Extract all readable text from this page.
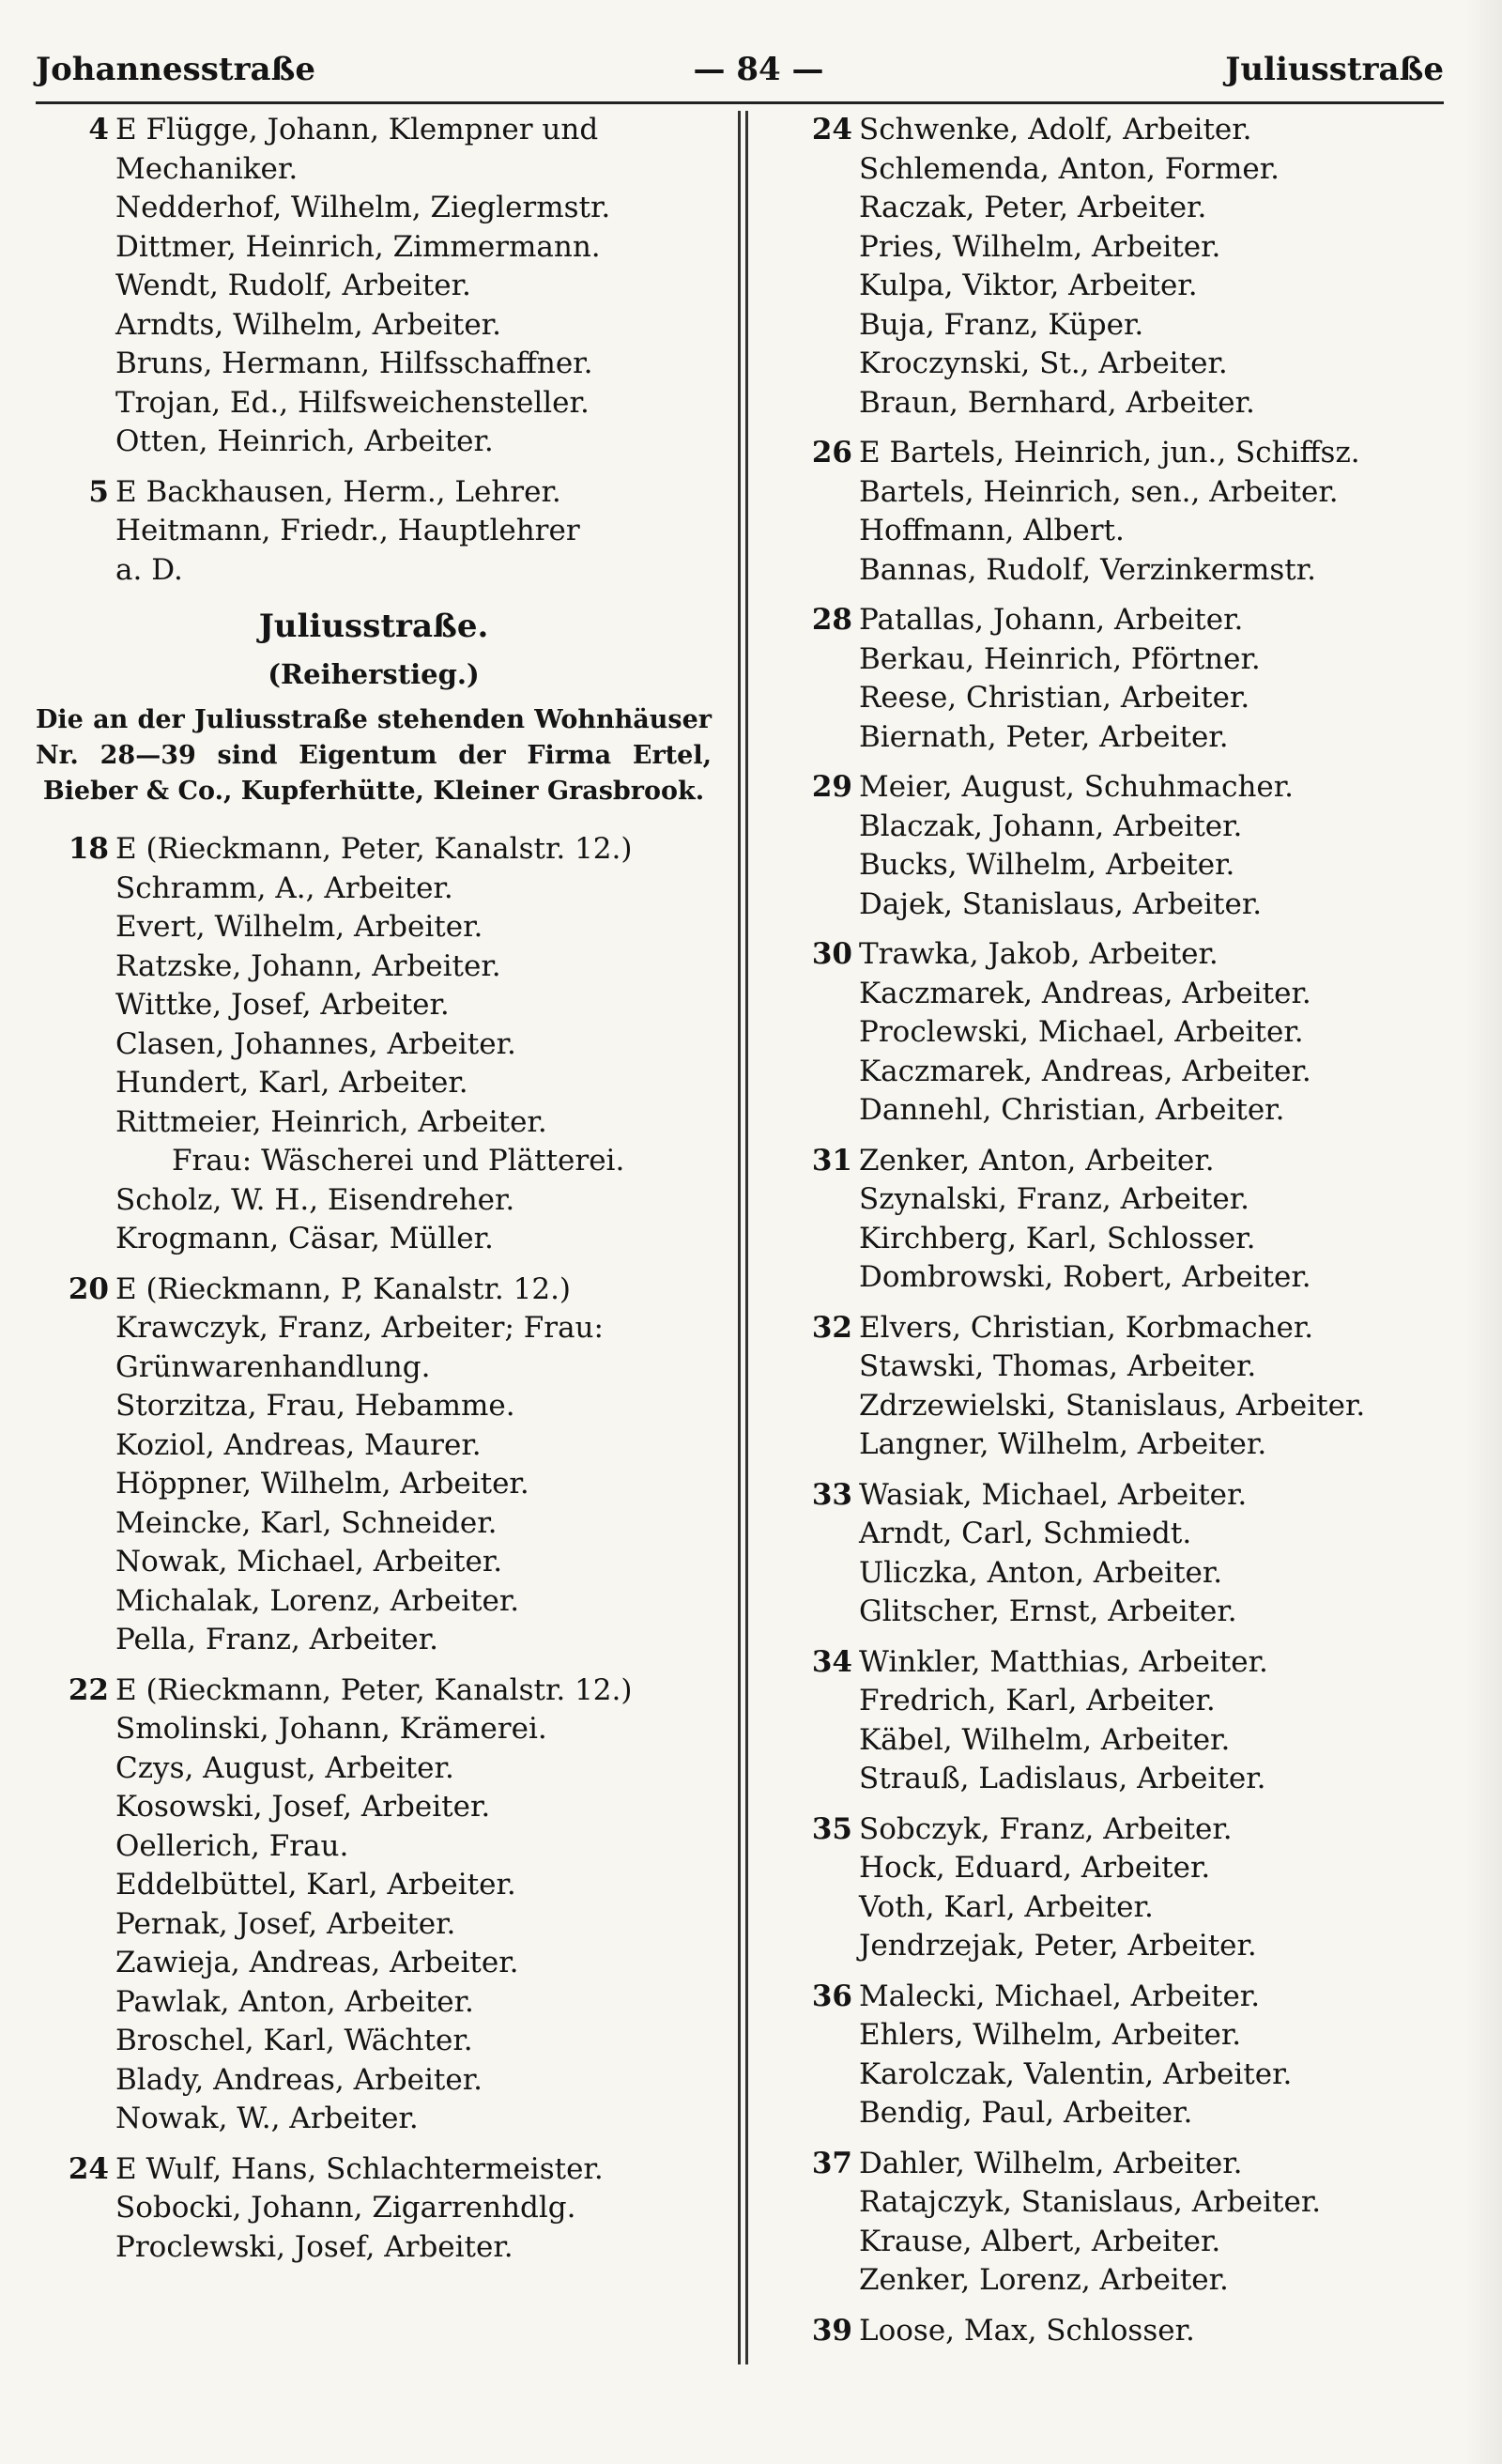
Johannesstraße	— 84 —	Juliusstraße
4 E Flügge, Johann, Klempner und
Mechaniker.
Nedderhof, Wilhelm, Zieglermstr.
Dittmer, Heinrich, Zimmermann.
Wendt, Rudolf, Arbeiter.
Arndts, Wilhelm, Arbeiter.
Bruns, Hermann, Hilfsschaffner.
Trojan, Ed., Hilfsweichensteller.
Otten, Heinrich, Arbeiter.
5 E Backhausen, Herm., Lehrer.
Heitmann, Friedr., Hauptlehrer
a. D.
Juliusstraße.
(Reiherstieg.)
Die an der Juliusstraße stehenden Wohnhäuser Nr. 28—39 sind Eigentum der Firma Ertel, Bieber & Co., Kupferhütte, Kleiner Grasbrook.
18 E (Rieckmann, Peter, Kanalstr. 12.)
Schramm, A., Arbeiter.
Evert, Wilhelm, Arbeiter.
Ratzske, Johann, Arbeiter.
Wittke, Josef, Arbeiter.
Clasen, Johannes, Arbeiter.
Hundert, Karl, Arbeiter.
Rittmeier, Heinrich, Arbeiter.
Frau: Wäscherei und Plätterei.
Scholz, W. H., Eisendreher.
Krogmann, Cäsar, Müller.
20 E (Rieckmann, P, Kanalstr. 12.)
Krawczyk, Franz, Arbeiter; Frau:
Grünwarenhandlung.
Storzitza, Frau, Hebamme.
Koziol, Andreas, Maurer.
Höppner, Wilhelm, Arbeiter.
Meincke, Karl, Schneider.
Nowak, Michael, Arbeiter.
Michalak, Lorenz, Arbeiter.
Pella, Franz, Arbeiter.
22 E (Rieckmann, Peter, Kanalstr. 12.)
Smolinski, Johann, Krämerei.
Czys, August, Arbeiter.
Kosowski, Josef, Arbeiter.
Oellerich, Frau.
Eddelbüttel, Karl, Arbeiter.
Pernak, Josef, Arbeiter.
Zawieja, Andreas, Arbeiter.
Pawlak, Anton, Arbeiter.
Broschel, Karl, Wächter.
Blady, Andreas, Arbeiter.
Nowak, W., Arbeiter.
24 E Wulf, Hans, Schlachtermeister.
Sobocki, Johann, Zigarrenhdlg.
Proclewski, Josef, Arbeiter.
24 Schwenke, Adolf, Arbeiter.
Schlemenda, Anton, Former.
Raczak, Peter, Arbeiter.
Pries, Wilhelm, Arbeiter.
Kulpa, Viktor, Arbeiter.
Buja, Franz, Küper.
Kroczynski, St., Arbeiter.
Braun, Bernhard, Arbeiter.
26 E Bartels, Heinrich, jun., Schiffsz.
Bartels, Heinrich, sen., Arbeiter.
Hoffmann, Albert.
Bannas, Rudolf, Verzinkermstr.
28 Patallas, Johann, Arbeiter.
Berkau, Heinrich, Pförtner.
Reese, Christian, Arbeiter.
Biernath, Peter, Arbeiter.
29 Meier, August, Schuhmacher.
Blaczak, Johann, Arbeiter.
Bucks, Wilhelm, Arbeiter.
Dajek, Stanislaus, Arbeiter.
30 Trawka, Jakob, Arbeiter.
Kaczmarek, Andreas, Arbeiter.
Proclewski, Michael, Arbeiter.
Kaczmarek, Andreas, Arbeiter.
Dannehl, Christian, Arbeiter.
31 Zenker, Anton, Arbeiter.
Szynalski, Franz, Arbeiter.
Kirchberg, Karl, Schlosser.
Dombrowski, Robert, Arbeiter.
32 Elvers, Christian, Korbmacher.
Stawski, Thomas, Arbeiter.
Zdrzewielski, Stanislaus, Arbeiter.
Langner, Wilhelm, Arbeiter.
33 Wasiak, Michael, Arbeiter.
Arndt, Carl, Schmiedt.
Uliczka, Anton, Arbeiter.
Glitscher, Ernst, Arbeiter.
34 Winkler, Matthias, Arbeiter.
Fredrich, Karl, Arbeiter.
Käbel, Wilhelm, Arbeiter.
Strauß, Ladislaus, Arbeiter.
35 Sobczyk, Franz, Arbeiter.
Hock, Eduard, Arbeiter.
Voth, Karl, Arbeiter.
Jendrzejak, Peter, Arbeiter.
36 Malecki, Michael, Arbeiter.
Ehlers, Wilhelm, Arbeiter.
Karolczak, Valentin, Arbeiter.
Bendig, Paul, Arbeiter.
37 Dahler, Wilhelm, Arbeiter.
Ratajczyk, Stanislaus, Arbeiter.
Krause, Albert, Arbeiter.
Zenker, Lorenz, Arbeiter.
39 Loose, Max, Schlosser.
